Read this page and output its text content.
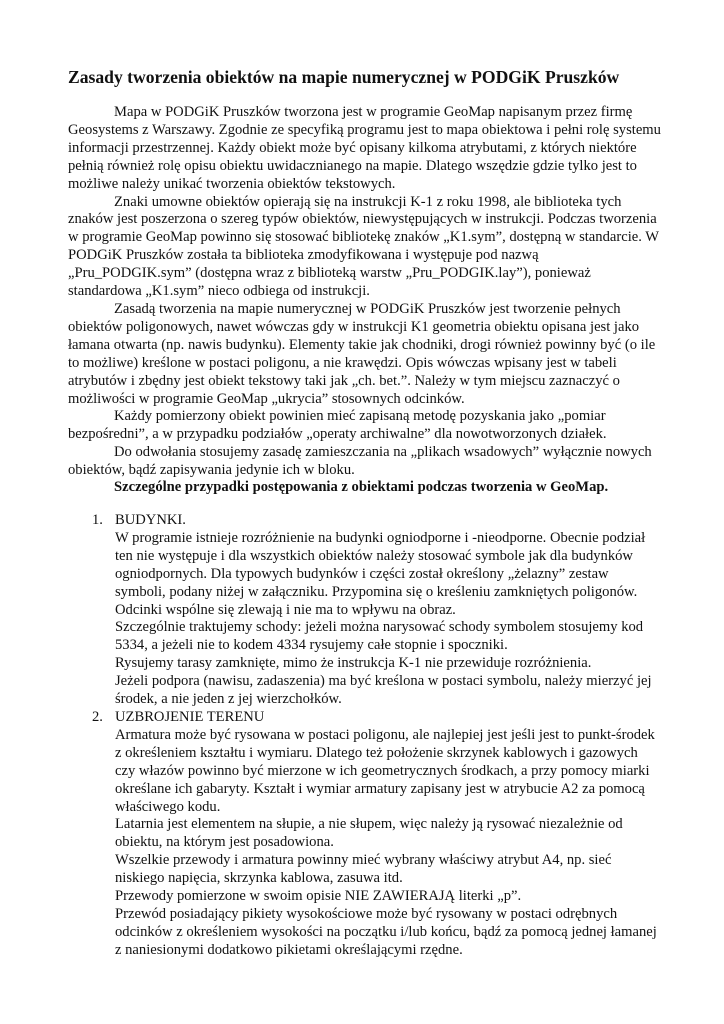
Zasady tworzenia obiektów na mapie numerycznej w PODGiK Pruszków

Mapa w PODGiK Pruszków tworzona jest w programie GeoMap napisanym przez firmę Geosystems z Warszawy. Zgodnie ze specyfiką programu jest to mapa obiektowa i pełni rolę systemu informacji przestrzennej. Każdy obiekt może być opisany kilkoma atrybutami, z których niektóre pełnią również rolę opisu obiektu uwidacznianego na mapie. Dlatego wszędzie gdzie tylko jest to możliwe należy unikać tworzenia obiektów tekstowych.

Znaki umowne obiektów opierają się na instrukcji K-1 z roku 1998, ale biblioteka tych znaków jest poszerzona o szereg typów obiektów, niewystępujących w instrukcji. Podczas tworzenia w programie GeoMap powinno się stosować bibliotekę znaków „K1.sym”, dostępną w standarcie. W PODGiK Pruszków została ta biblioteka zmodyfikowana i występuje pod nazwą „Pru_PODGIK.sym” (dostępna wraz z biblioteką warstw „Pru_PODGIK.lay”), ponieważ standardowa „K1.sym” nieco odbiega od instrukcji.

Zasadą tworzenia na mapie numerycznej w PODGiK Pruszków jest tworzenie pełnych obiektów poligonowych, nawet wówczas gdy w instrukcji K1 geometria obiektu opisana jest jako łamana otwarta (np. nawis budynku). Elementy takie jak chodniki, drogi również powinny być (o ile to możliwe) kreślone w postaci poligonu, a nie krawędzi. Opis wówczas wpisany jest w tabeli atrybutów i zbędny jest obiekt tekstowy taki jak „ch. bet.”. Należy w tym miejscu zaznaczyć o możliwości w programie GeoMap „ukrycia” stosownych odcinków.

Każdy pomierzony obiekt powinien mieć zapisaną metodę pozyskania jako „pomiar bezpośredni”, a w przypadku podziałów „operaty archiwalne” dla nowotworzonych działek.

Do odwołania stosujemy zasadę zamieszczania na „plikach wsadowych” wyłącznie nowych obiektów, bądź zapisywania jedynie ich w bloku.

Szczególne przypadki postępowania z obiektami podczas tworzenia w GeoMap.
1. BUDYNKI.
W programie istnieje rozróżnienie na budynki ogniodporne i -nieodporne. Obecnie podział
ten nie występuje i dla wszystkich obiektów należy stosować symbole jak dla budynków
ogniodpornych. Dla typowych budynków i części został określony „żelazny” zestaw
symboli, podany niżej w załączniku. Przypomina się o kreśleniu zamkniętych poligonów.
Odcinki wspólne się zlewają i nie ma to wpływu na obraz.
Szczególnie traktujemy schody: jeżeli można narysować schody symbolem stosujemy kod
5334, a jeżeli nie to kodem 4334 rysujemy całe stopnie i spoczniki.
Rysujemy tarasy zamknięte, mimo że instrukcja K-1 nie przewiduje rozróżnienia.
Jeżeli podpora (nawisu, zadaszenia) ma być kreślona w postaci symbolu, należy mierzyć jej
środek, a nie jeden z jej wierzchołków.
2. UZBROJENIE TERENU
Armatura może być rysowana w postaci poligonu, ale najlepiej jest jeśli jest to punkt-środek
z określeniem kształtu i wymiaru. Dlatego też położenie skrzynek kablowych i gazowych
czy włazów powinno być mierzone w ich geometrycznych środkach, a przy pomocy miarki
określane ich gabaryty. Kształt i wymiar armatury zapisany jest w atrybucie A2 za pomocą
właściwego kodu.
Latarnia jest elementem na słupie, a nie słupem, więc należy ją rysować niezależnie od
obiektu, na którym jest posadowiona.
Wszelkie przewody i armatura powinny mieć wybrany właściwy atrybut A4, np. sieć
niskiego napięcia, skrzynka kablowa, zasuwa itd.
Przewody pomierzone w swoim opisie NIE ZAWIERAJĄ literki „p”.
Przewód posiadający pikiety wysokościowe może być rysowany w postaci odrębnych
odcinków z określeniem wysokości na początku i/lub końcu, bądź za pomocą jednej łamanej
z naniesionymi dodatkowo pikietami określającymi rzędne.
